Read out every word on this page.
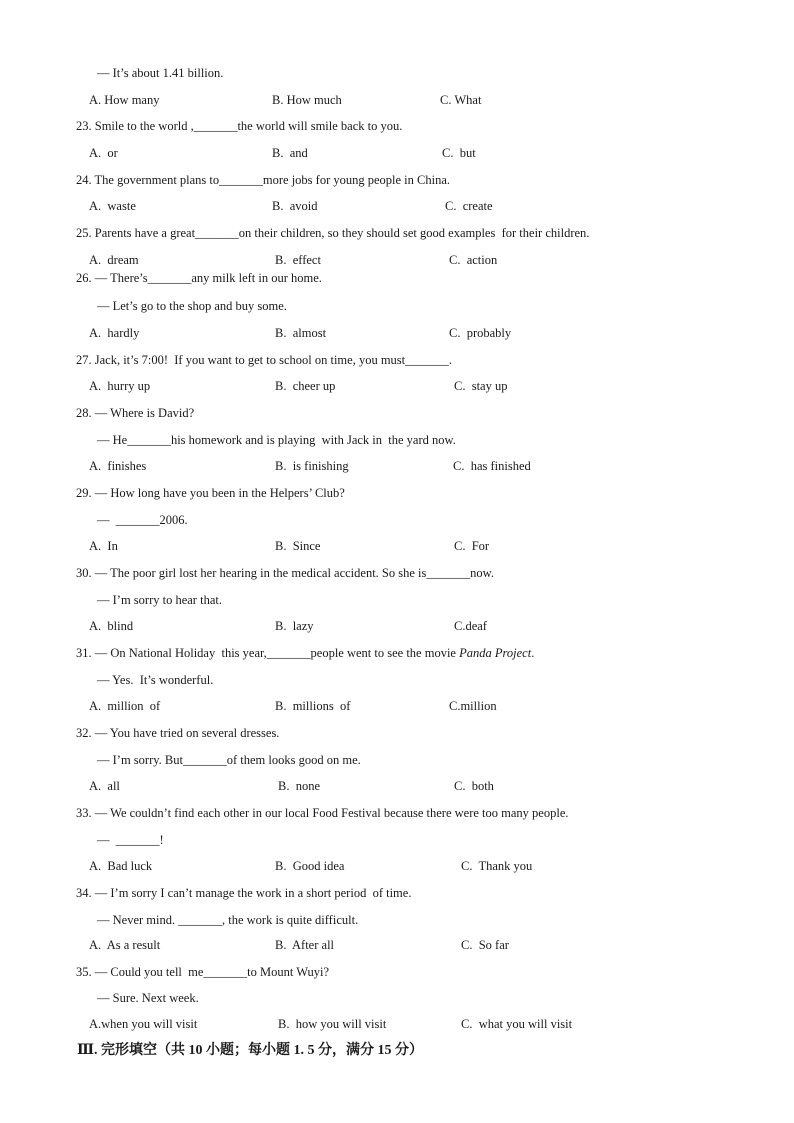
— It’s about 1.41 billion.
A. How many	B. How much	C. What
23. Smile to the world ,_______the world will smile back to you.
A.  or	B.  and	C.  but
24. The government plans to_______more jobs for young people in China.
A.  waste	B.  avoid	C.  create
25. Parents have a great_______on their children, so they should set good examples  for their children.
A.  dream	B.  effect	C.  action
26. — There’s_______any milk left in our home.
— Let’s go to the shop and buy some.
A.  hardly	B.  almost	C.  probably
27. Jack, it’s 7:00!  If you want to get to school on time, you must_______.
A.  hurry up	B.  cheer up	C.  stay up
28. — Where is David?
— He_______his homework and is playing  with Jack in  the yard now.
A.  finishes	B.  is finishing	C.  has finished
29. — How long have you been in the Helpers’ Club?
—  _______2006.
A.  In	B.  Since	C.  For
30. — The poor girl lost her hearing in the medical accident. So she is_______now.
— I’m sorry to hear that.
A.  blind	B.  lazy	C.deaf
31. — On National Holiday  this year,_______people went to see the movie Panda Project.
— Yes.  It’s wonderful.
A.  million  of	B.  millions  of	C.million
32. — You have tried on several dresses.
— I’m sorry. But_______of them looks good on me.
A.  all	B.  none	C.  both
33. — We couldn’t find each other in our local Food Festival because there were too many people.
—  _______!
A.  Bad luck	B.  Good idea	C.  Thank you
34. — I’m sorry I can’t manage the work in a short period  of time.
— Never mind. _______, the work is quite difficult.
A.  As a result	B.  After all	C.  So far
35. — Could you tell  me_______to Mount Wuyi?
— Sure. Next week.
A.when you will visit	B.  how you will visit	C.  what you will visit
Ⅲ. 完形填空（共 10 小题；每小题 1. 5 分，满分 15 分）
